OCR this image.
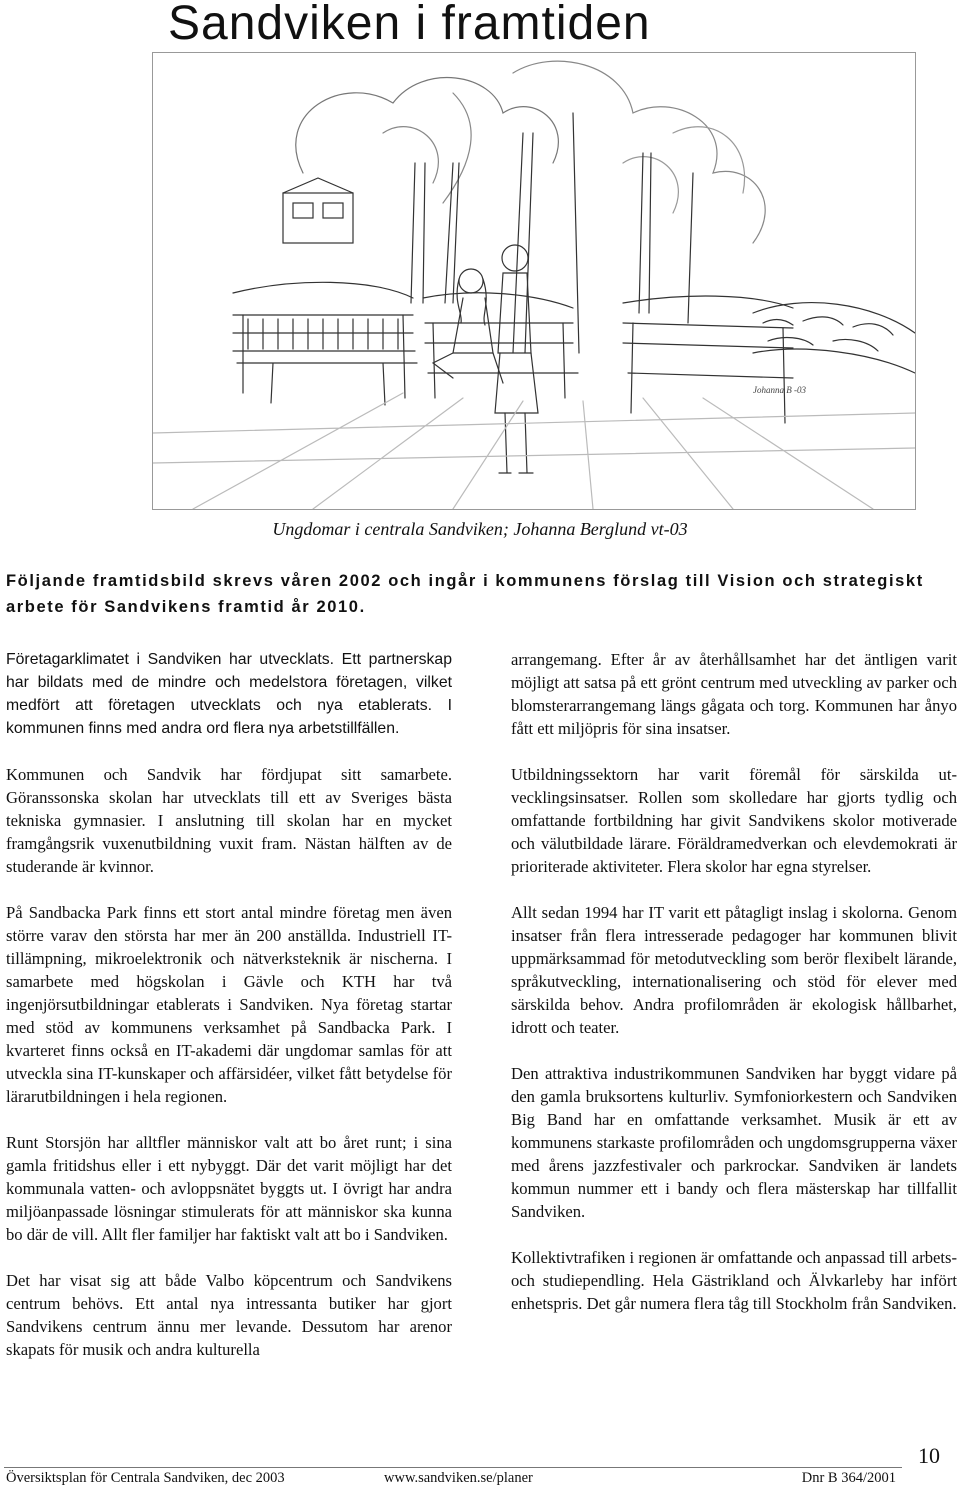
Sandviken i framtiden
Johanna B -03
Ungdomar i centrala Sandviken; Johanna Berglund vt-03
Följande framtidsbild skrevs våren 2002 och ingår i kommunens förslag till Vision och strategiskt arbete för Sandvikens framtid år 2010.

Företagarklimatet i Sandviken har utvecklats. Ett partnerskap har bildats med de mindre och medelstora företagen, vilket medfört att företagen utvecklats och nya etablerats. I kommunen finns med andra ord flera nya arbetstillfällen.

Kommunen och Sandvik har fördjupat sitt samarbete. Göranssonska skolan har utvecklats till ett av Sveriges bästa tekniska gymnasier. I anslutning till skolan har en mycket framgångsrik vuxenutbildning vuxit fram. Nästan hälften av de studerande är kvinnor.

På Sandbacka Park finns ett stort antal mindre företag men även större varav den största har mer än 200 anställda. Industriell IT- tillämpning, mikroelektronik och nätverksteknik är nischerna. I samarbete med högskolan i Gävle och KTH har två ingenjörsutbildningar etablerats i Sandviken. Nya företag startar med stöd av kommunens verksamhet på Sandbacka Park. I kvarteret finns också en IT-akademi där ungdomar samlas för att utveckla sina IT-kunskaper och affärsidéer, vilket fått betydelse för lärarutbildningen i hela regionen.

Runt Storsjön har alltfler människor valt att bo året runt; i sina gamla fritidshus eller i ett nybyggt. Där det varit möjligt har det kommunala vatten- och avloppsnätet byggts ut. I övrigt har andra miljöanpassade lösningar stimulerats för att människor ska kunna bo där de vill. Allt fler familjer har faktiskt valt att bo i Sandviken.

Det har visat sig att både Valbo köpcentrum och Sandvikens centrum behövs. Ett antal nya intressanta butiker har gjort Sandvikens centrum ännu mer levande. Dessutom har arenor skapats för musik och andra kulturella

arrangemang. Efter år av återhållsamhet har det äntligen varit möjligt att satsa på ett grönt centrum med utveckling av parker och blomsterarrangemang längs gågata och torg. Kommunen har ånyo fått ett miljöpris för sina insatser.

Utbildningssektorn har varit föremål för särskilda utvecklingsinsatser. Rollen som skolledare har gjorts tydlig och omfattande fortbildning har givit Sandvikens skolor motiverade och välutbildade lärare. Föräldramedverkan och elevdemokrati är prioriterade aktiviteter. Flera skolor har egna styrelser.

Allt sedan 1994 har IT varit ett påtagligt inslag i skolorna. Genom insatser från flera intresserade pedagoger har kommunen blivit uppmärksammad för metodutveckling som berör flexibelt lärande, språkutveckling, internationalisering och stöd för elever med särskilda behov. Andra profilområden är ekologisk hållbarhet, idrott och teater.

Den attraktiva industrikommunen Sandviken har byggt vidare på den gamla bruksortens kulturliv. Symfoniorkestern och Sandviken Big Band har en omfattande verksamhet. Musik är ett av kommunens starkaste profilområden och ungdomsgrupperna växer med årens jazzfestivaler och parkrockar. Sandviken är landets kommun nummer ett i bandy och flera mästerskap har tillfallit Sandviken.

Kollektivtrafiken i regionen är omfattande och anpassad till arbets- och studiependling. Hela Gästrikland och Älvkarleby har infört enhetspris. Det går numera flera tåg till Stockholm från Sandviken.

10
Översiktsplan för Centrala Sandviken, dec 2003	www.sandviken.se/planer	Dnr B 364/2001
